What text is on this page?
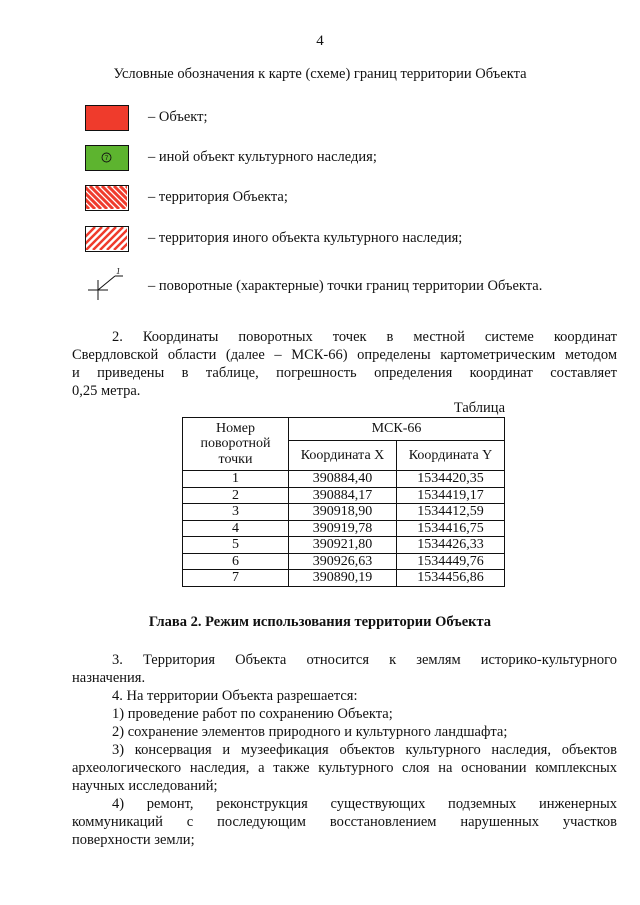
4
Условные обозначения к карте (схеме) границ территории Объекта
– Объект;
7	– иной объект культурного наследия;
– территория Объекта;
– территория иного объекта культурного наследия;
1
– поворотные (характерные) точки границ территории Объекта.
2. Координаты поворотных точек в местной системе координат
Свердловской области (далее – МСК-66) определены картометрическим методом
и приведены в таблице, погрешность определения координат составляет
0,25 метра.
Таблица
Номер поворотной точки	МСК-66	
	Координата X	Координата Y
1	390884,40	1534420,35
2	390884,17	1534419,17
3	390918,90	1534412,59
4	390919,78	1534416,75
5	390921,80	1534426,33
6	390926,63	1534449,76
7	390890,19	1534456,86
Глава 2. Режим использования территории Объекта
3. Территория Объекта относится к землям историко-культурного
назначения.
4. На территории Объекта разрешается:
1) проведение работ по сохранению Объекта;
2) сохранение элементов природного и культурного ландшафта;
3) консервация и музеефикация объектов культурного наследия, объектов
археологического наследия, а также культурного слоя на основании комплексных
научных исследований;
4) ремонт, реконструкция существующих подземных инженерных
коммуникаций с последующим восстановлением нарушенных участков
поверхности земли;
